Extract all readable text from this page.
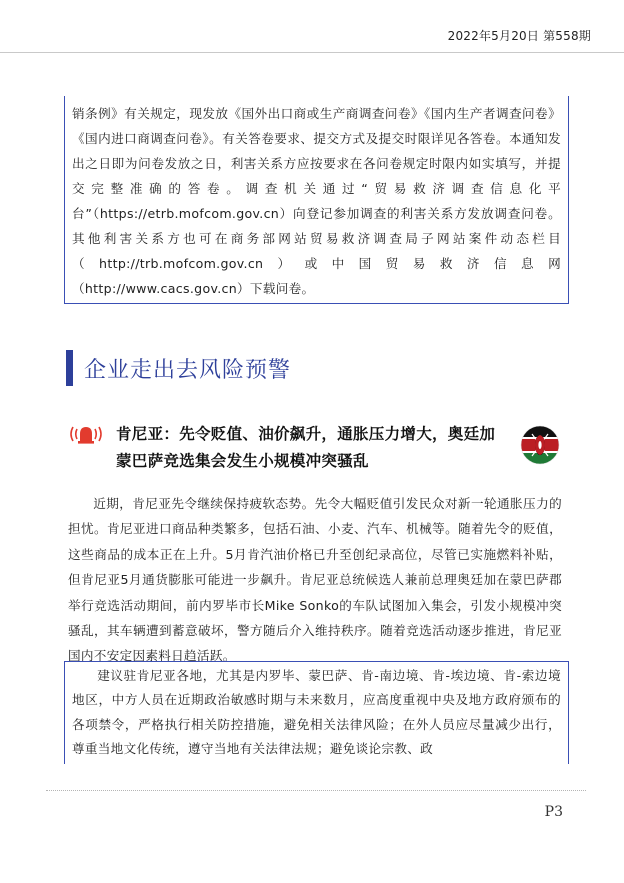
2022年5月20日 第558期

销条例》有关规定，现发放《国外出口商或生产商调查问卷》《国内生产者调查问卷》《国内进口商调查问卷》。有关答卷要求、提交方式及提交时限详见各答卷。本通知发出之日即为问卷发放之日，利害关系方应按要求在各问卷规定时限内如实填写，并提交完整准确的答卷。调查机关通过“贸易救济调查信息化平台”（https://etrb.mofcom.gov.cn）向登记参加调查的利害关系方发放调查问卷。其他利害关系方也可在商务部网站贸易救济调查局子网站案件动态栏目（http://trb.mofcom.gov.cn）或中国贸易救济信息网（http://www.cacs.gov.cn）下载问卷。

企业走出去风险预警
肯尼亚：先令贬值、油价飙升，通胀压力增大，奥廷加
蒙巴萨竞选集会发生小规模冲突骚乱

近期，肯尼亚先令继续保持疲软态势。先令大幅贬值引发民众对新一轮通胀压力的担忧。肯尼亚进口商品种类繁多，包括石油、小麦、汽车、机械等。随着先令的贬值，这些商品的成本正在上升。5月肯汽油价格已升至创纪录高位，尽管已实施燃料补贴，但肯尼亚5月通货膨胀可能进一步飙升。肯尼亚总统候选人兼前总理奥廷加在蒙巴萨郡举行竞选活动期间，前内罗毕市长Mike Sonko的车队试图加入集会，引发小规模冲突骚乱，其车辆遭到蓄意破坏，警方随后介入维持秩序。随着竞选活动逐步推进，肯尼亚国内不安定因素料日趋活跃。

建议驻肯尼亚各地，尤其是内罗毕、蒙巴萨、肯-南边境、肯-埃边境、肯-索边境地区，中方人员在近期政治敏感时期与未来数月，应高度重视中央及地方政府颁布的各项禁令，严格执行相关防控措施，避免相关法律风险；在外人员应尽量减少出行，尊重当地文化传统，遵守当地有关法律法规；避免谈论宗教、政

P3
